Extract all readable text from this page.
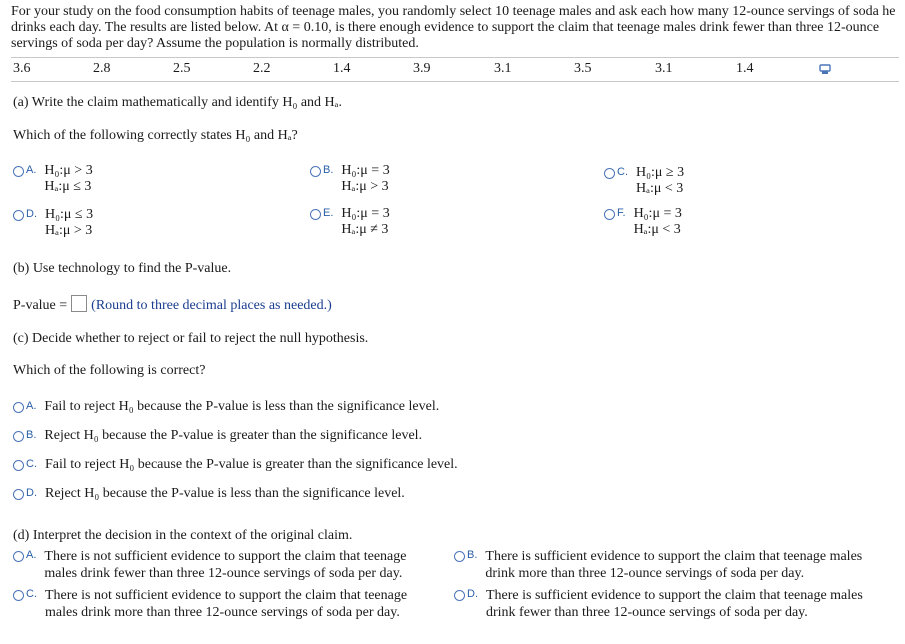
For your study on the food consumption habits of teenage males, you randomly select 10 teenage males and ask each how many 12-ounce servings of soda he drinks each day. The results are listed below. At α = 0.10, is there enough evidence to support the claim that teenage males drink fewer than three 12-ounce servings of soda per day? Assume the population is normally distributed.
3.6	2.8	2.5	2.2	1.4	3.9	3.1	3.5	3.1	1.4
(a) Write the claim mathematically and identify H₀ and Hₐ.
Which of the following correctly states H₀ and Hₐ?
A. H₀:μ > 3
Hₐ:μ ≤ 3
B. H₀:μ = 3
Hₐ:μ > 3
C. H₀:μ ≥ 3
Hₐ:μ < 3
D. H₀:μ ≤ 3
Hₐ:μ > 3
E. H₀:μ = 3
Hₐ:μ ≠ 3
F. H₀:μ = 3
Hₐ:μ < 3
(b) Use technology to find the P-value.
P-value = (Round to three decimal places as needed.)
(c) Decide whether to reject or fail to reject the null hypothesis.
Which of the following is correct?
A. Fail to reject H₀ because the P-value is less than the significance level.
B. Reject H₀ because the P-value is greater than the significance level.
C. Fail to reject H₀ because the P-value is greater than the significance level.
D. Reject H₀ because the P-value is less than the significance level.
(d) Interpret the decision in the context of the original claim.
A. There is not sufficient evidence to support the claim that teenage males drink fewer than three 12-ounce servings of soda per day.
B. There is sufficient evidence to support the claim that teenage males drink more than three 12-ounce servings of soda per day.
C. There is not sufficient evidence to support the claim that teenage males drink more than three 12-ounce servings of soda per day.
D. There is sufficient evidence to support the claim that teenage males drink fewer than three 12-ounce servings of soda per day.
